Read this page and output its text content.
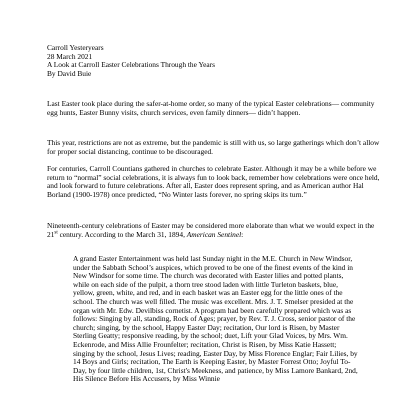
Carroll Yesteryears
28 March 2021
A Look at Carroll Easter Celebrations Through the Years
By David Buie

Last Easter took place during the safer-at-home order, so many of the typical Easter celebrations— community egg hunts, Easter Bunny visits, church services, even family dinners— didn’t happen.

This year, restrictions are not as extreme, but the pandemic is still with us, so large gatherings which don’t allow for proper social distancing, continue to be discouraged.

For centuries, Carroll Countians gathered in churches to celebrate Easter. Although it may be a while before we return to “normal” social celebrations, it is always fun to look back, remember how celebrations were once held, and look forward to future celebrations. After all, Easter does represent spring, and as American author Hal Borland (1900-1978) once predicted, “No Winter lasts forever, no spring skips its turn.”

Nineteenth-century celebrations of Easter may be considered more elaborate than what we would expect in the 21st century. According to the March 31, 1894, American Sentinel:

A grand Easter Entertainment was held last Sunday night in the M.E. Church in New Windsor, under the Sabbath School’s auspices, which proved to be one of the finest events of the kind in New Windsor for some time. The church was decorated with Easter lilies and potted plants, while on each side of the pulpit, a thorn tree stood laden with little Turleton baskets, blue, yellow, green, white, and red, and in each basket was an Easter egg for the little ones of the school. The church was well filled. The music was excellent. Mrs. J. T. Smelser presided at the organ with Mr. Edw. Devilbiss cornetist. A program had been carefully prepared which was as follows: Singing by all, standing, Rock of Ages; prayer, by Rev. T. J. Cross, senior pastor of the church; singing, by the school, Happy Easter Day; recitation, Our lord is Risen, by Master Sterling Geatty; responsive reading, by the school; duet, Lift your Glad Voices, by Mrs. Wm. Eckenrode, and Miss Allie Frounfelter; recitation, Christ is Risen, by Miss Katie Hassett; singing by the school, Jesus Lives; reading, Easter Day, by Miss Florence Englar; Fair Lilies, by 14 Boys and Girls; recitation, The Earth is Keeping Easter, by Master Forrest Otto; Joyful To-Day, by four little children, 1st, Christ's Meekness, and patience, by Miss Lamore Bankard, 2nd, His Silence Before His Accusers, by Miss Winnie
